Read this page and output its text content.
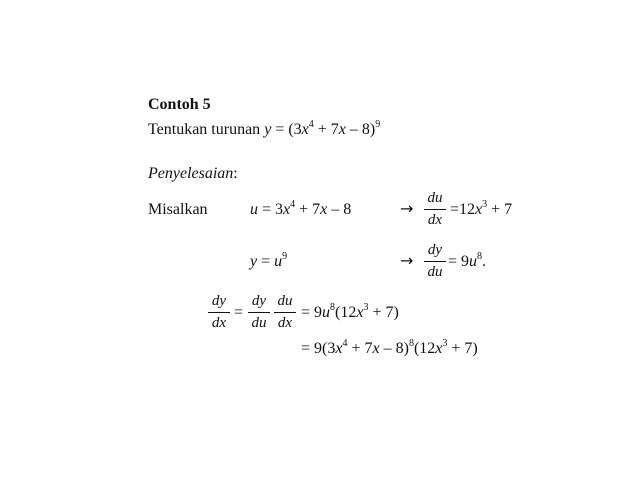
Contoh 5
Tentukan turunan $y = (3x^4 + 7x - 8)^9$
Penyelesaian:
Misalkan	$u = 3x^4 + 7x - 8$	→
du
dx
$=12x^3 + 7$
$y = u^9$	→
dy
du
= $9u^8$.
dy
dx
=
dy
du
du
dx
= $9u^8(12x^3 + 7)$
= $9(3x^4 + 7x - 8)^8(12x^3 + 7)$
